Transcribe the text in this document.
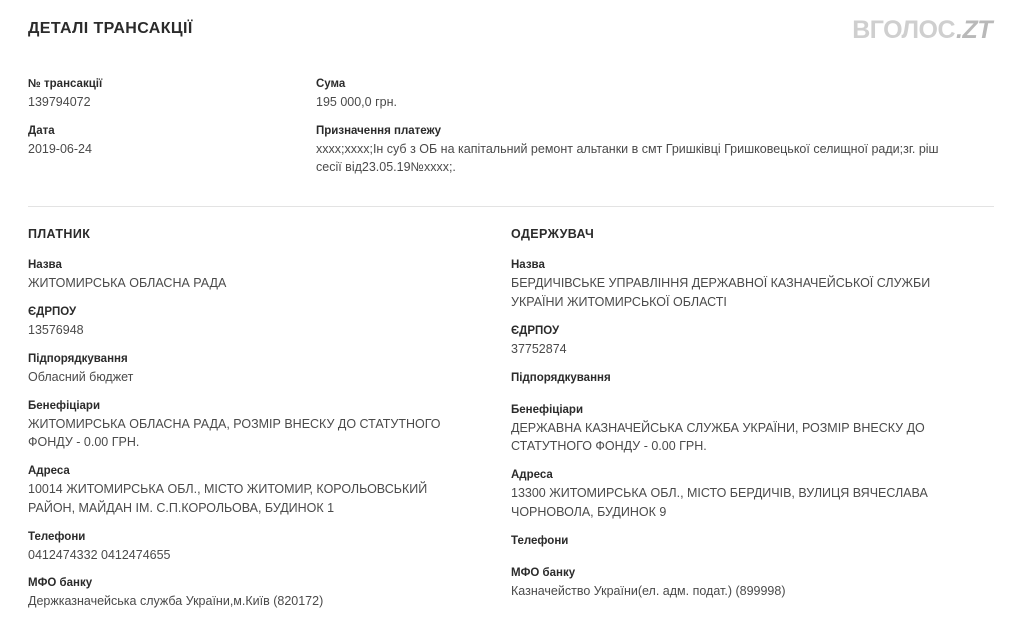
ДЕТАЛІ ТРАНСАКЦІЇ	ВГОЛОС .ZT
№ трансакції
139794072
Дата
2019-06-24
Сума
195 000,0 грн.
Призначення платежу
xxxx;xxxx;Iн суб з ОБ на капітальний ремонт альтанки в смт Гришківці Гришковецької селищної ради;зг. ріш сесії від23.05.19№xxxx;.
ПЛАТНИК
Назва
ЖИТОМИРСЬКА ОБЛАСНА РАДА
ЄДРПОУ
13576948
Підпорядкування
Обласний бюджет
Бенефіціари
ЖИТОМИРСЬКА ОБЛАСНА РАДА, РОЗМІР ВНЕСКУ ДО СТАТУТНОГО ФОНДУ - 0.00 ГРН.
Адреса
10014 ЖИТОМИРСЬКА ОБЛ., МІСТО ЖИТОМИР, КОРОЛЬОВСЬКИЙ РАЙОН, МАЙДАН ІМ. С.П.КОРОЛЬОВА, БУДИНОК 1
Телефони
0412474332 0412474655
МФО банку
Держказначейська служба України,м.Київ (820172)
ОДЕРЖУВАЧ
Назва
БЕРДИЧІВСЬКЕ УПРАВЛІННЯ ДЕРЖАВНОЇ КАЗНАЧЕЙСЬКОЇ СЛУЖБИ УКРАЇНИ ЖИТОМИРСЬКОЇ ОБЛАСТІ
ЄДРПОУ
37752874
Підпорядкування
Бенефіціари
ДЕРЖАВНА КАЗНАЧЕЙСЬКА СЛУЖБА УКРАЇНИ, РОЗМІР ВНЕСКУ ДО СТАТУТНОГО ФОНДУ - 0.00 ГРН.
Адреса
13300 ЖИТОМИРСЬКА ОБЛ., МІСТО БЕРДИЧІВ, ВУЛИЦЯ ВЯЧЕСЛАВА ЧОРНОВОЛА, БУДИНОК 9
Телефони
МФО банку
Казначейство України(ел. адм. подат.) (899998)
